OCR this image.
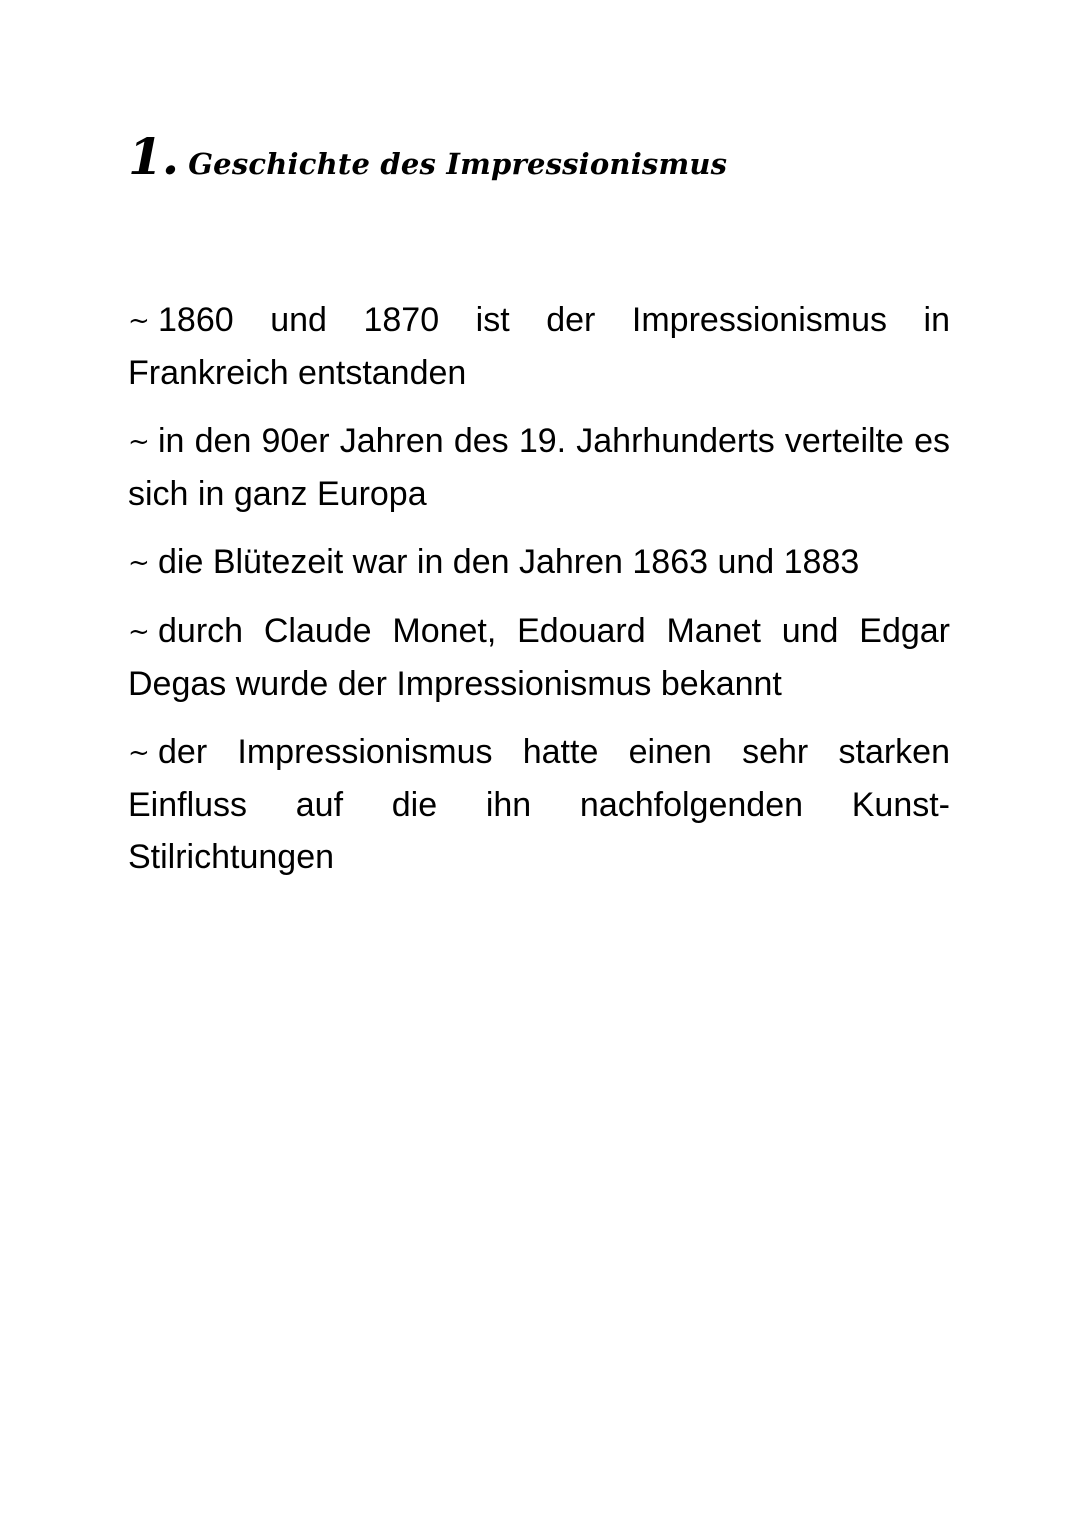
1. Geschichte des Impressionismus
~ 1860 und 1870 ist der Impressionismus in Frankreich entstanden
~ in den 90er Jahren des 19. Jahrhunderts verteilte es sich in ganz Europa
~ die Blütezeit war in den Jahren 1863 und 1883
~ durch Claude Monet, Edouard Manet und Edgar Degas wurde der Impressionismus bekannt
~ der Impressionismus hatte einen sehr starken Einfluss auf die ihn nachfolgenden Kunst-Stilrichtungen
